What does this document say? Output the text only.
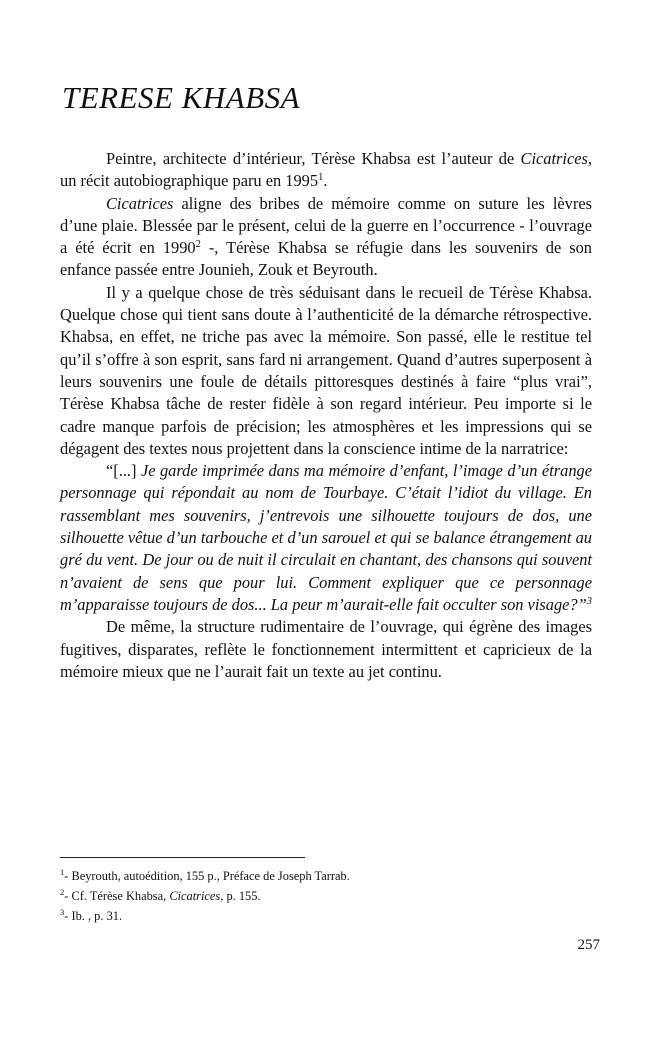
TERESE KHABSA

Peintre, architecte d’intérieur, Térèse Khabsa est l’auteur de Cicatrices, un récit autobiographique paru en 1995$^1$.

Cicatrices aligne des bribes de mémoire comme on suture les lèvres d’une plaie. Blessée par le présent, celui de la guerre en l’occurrence - l’ouvrage a été écrit en 1990$^2$ -, Térèse Khabsa se réfugie dans les souvenirs de son enfance passée entre Jounieh, Zouk et Beyrouth.

Il y a quelque chose de très séduisant dans le recueil de Térèse Khabsa. Quelque chose qui tient sans doute à l’authenticité de la démarche rétrospective. Khabsa, en effet, ne triche pas avec la mémoire. Son passé, elle le restitue tel qu’il s’offre à son esprit, sans fard ni arrangement. Quand d’autres superposent à leurs souvenirs une foule de détails pittoresques destinés à faire “plus vrai”, Térèse Khabsa tâche de rester fidèle à son regard intérieur. Peu importe si le cadre manque parfois de précision; les atmosphères et les impressions qui se dégagent des textes nous projettent dans la conscience intime de la narratrice:

“[...] Je garde imprimée dans ma mémoire d’enfant, l’image d’un étrange personnage qui répondait au nom de Tourbaye. C’était l’idiot du village. En rassemblant mes souvenirs, j’entrevois une silhouette toujours de dos, une silhouette vêtue d’un tarbouche et d’un sarouel et qui se balance étrangement au gré du vent. De jour ou de nuit il circulait en chantant, des chansons qui souvent n’avaient de sens que pour lui. Comment expliquer que ce personnage m’apparaisse toujours de dos... La peur m’aurait-elle fait occulter son visage?”$^3$

De même, la structure rudimentaire de l’ouvrage, qui égrène des images fugitives, disparates, reflète le fonctionnement intermittent et capricieux de la mémoire mieux que ne l’aurait fait un texte au jet continu.

$^1$- Beyrouth, autoédition, 155 p., Préface de Joseph Tarrab.

$^2$- Cf. Térèse Khabsa, Cicatrices, p. 155.

$^3$- Ib. , p. 31.

257
